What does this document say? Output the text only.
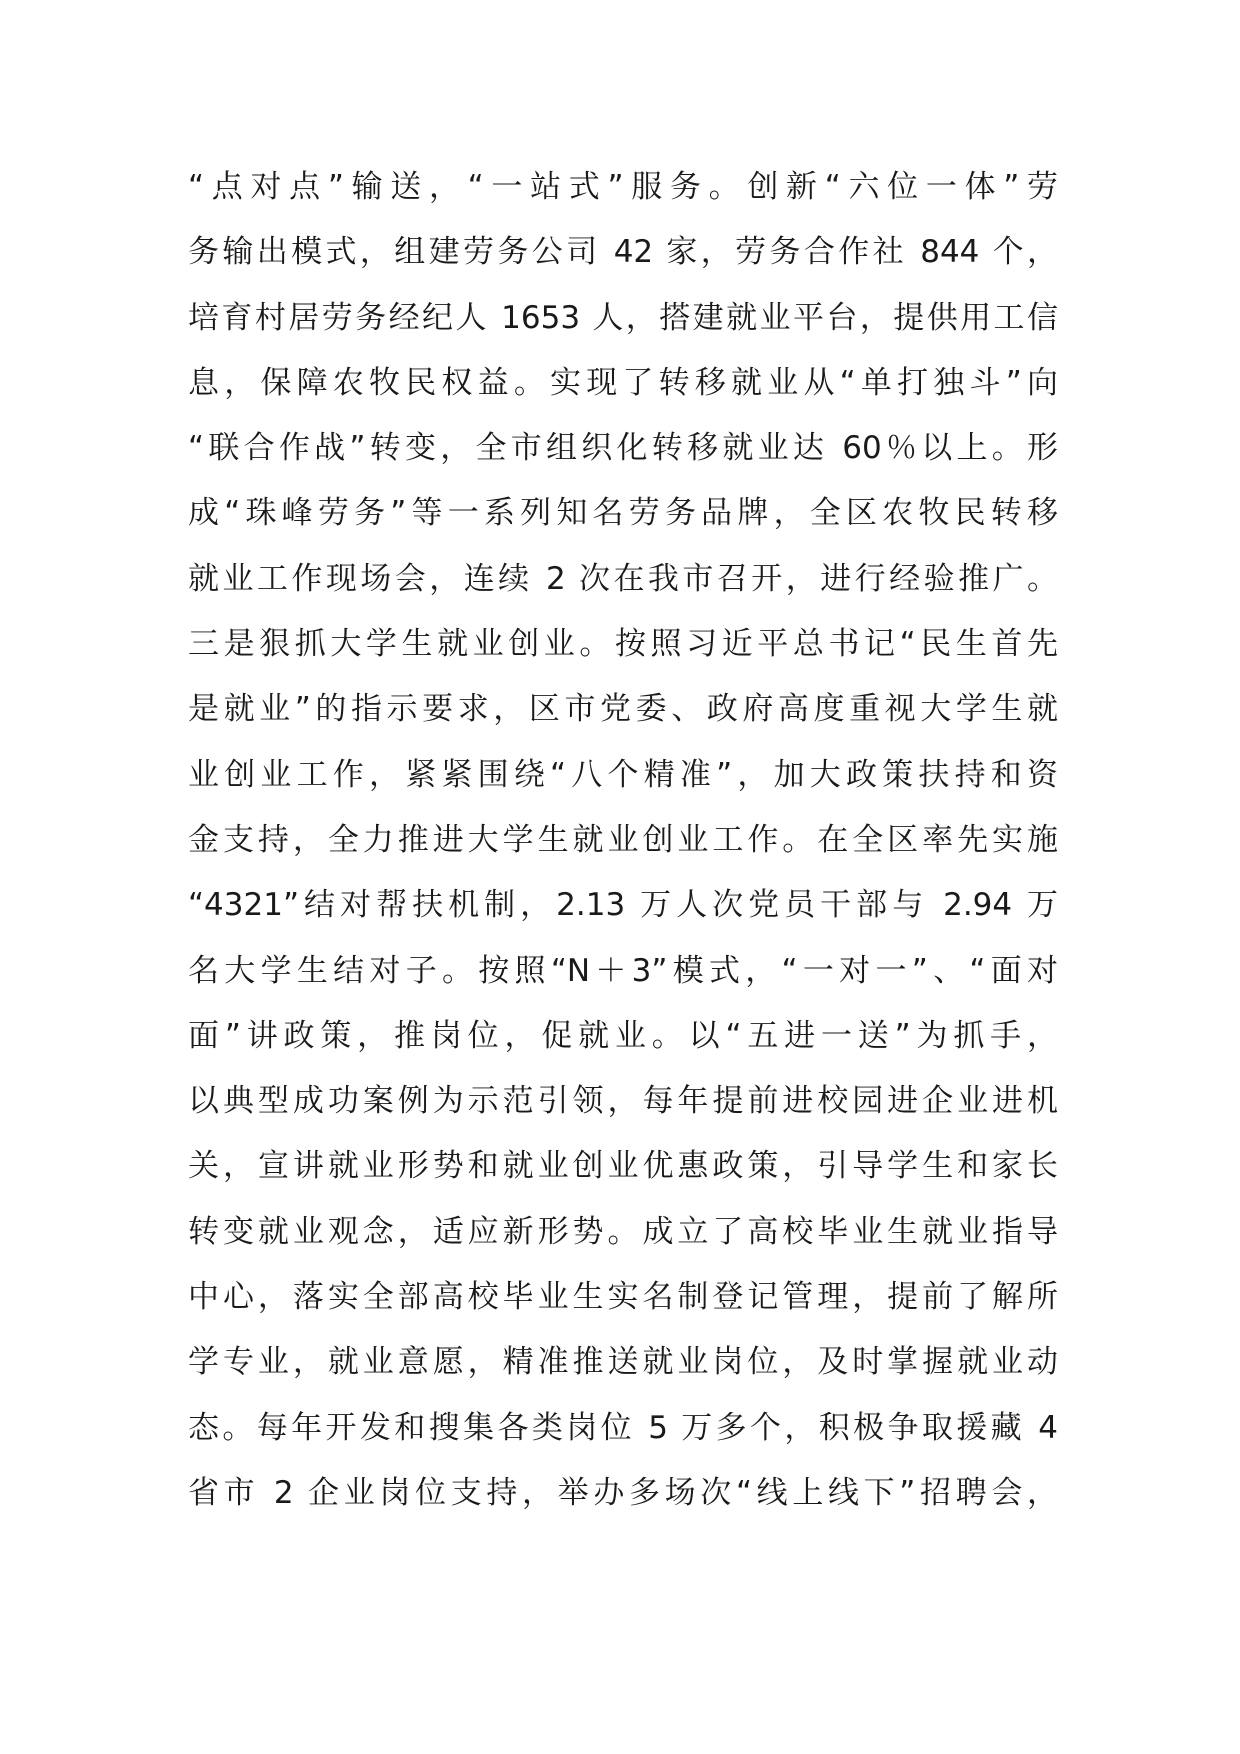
“点对点”输送，“一站式”服务。创新“六位一体”劳
务输出模式，组建劳务公司 42 家，劳务合作社 844 个，
培育村居劳务经纪人 1653 人，搭建就业平台，提供用工信
息，保障农牧民权益。实现了转移就业从“单打独斗”向
“联合作战”转变，全市组织化转移就业达 60％以上。形
成“珠峰劳务”等一系列知名劳务品牌，全区农牧民转移
就业工作现场会，连续 2 次在我市召开，进行经验推广。
三是狠抓大学生就业创业。按照习近平总书记“民生首先
是就业”的指示要求，区市党委、政府高度重视大学生就
业创业工作，紧紧围绕“八个精准”，加大政策扶持和资
金支持，全力推进大学生就业创业工作。在全区率先实施
“4321”结对帮扶机制，2.13 万人次党员干部与 2.94 万
名大学生结对子。按照“N＋3”模式，“一对一”、“面对
面”讲政策，推岗位，促就业。以“五进一送”为抓手，
以典型成功案例为示范引领，每年提前进校园进企业进机
关，宣讲就业形势和就业创业优惠政策，引导学生和家长
转变就业观念，适应新形势。成立了高校毕业生就业指导
中心，落实全部高校毕业生实名制登记管理，提前了解所
学专业，就业意愿，精准推送就业岗位，及时掌握就业动
态。每年开发和搜集各类岗位 5 万多个，积极争取援藏 4
省市 2 企业岗位支持，举办多场次“线上线下”招聘会，
